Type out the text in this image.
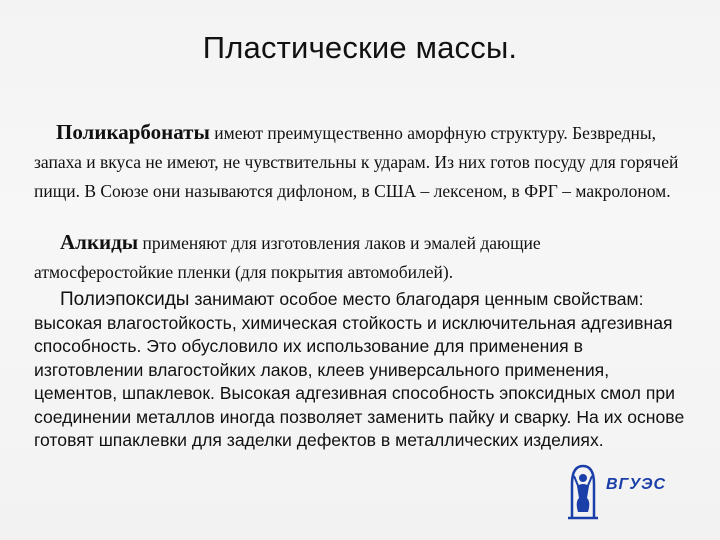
Пластические массы.

Поликарбонаты имеют преимущественно аморфную структуру. Безвредны, запаха и вкуса не имеют, не чувствительны к ударам. Из них готов посуду для горячей пищи. В Союзе они называются дифлоном, в США – лексеном, в ФРГ – макролоном.

Алкиды применяют для изготовления лаков и эмалей дающие атмосферостойкие пленки (для покрытия автомобилей).

Полиэпоксиды занимают особое место благодаря ценным свойствам: высокая влагостойкость, химическая стойкость и исключительная адгезивная способность. Это обусловило их использование для применения в изготовлении влагостойких лаков, клеев универсального применения, цементов, шпаклевок. Высокая адгезивная способность эпоксидных смол при соединении металлов иногда позволяет заменить пайку и сварку. На их основе готовят шпаклевки для заделки дефектов в металлических изделиях.

ВГУЭС
